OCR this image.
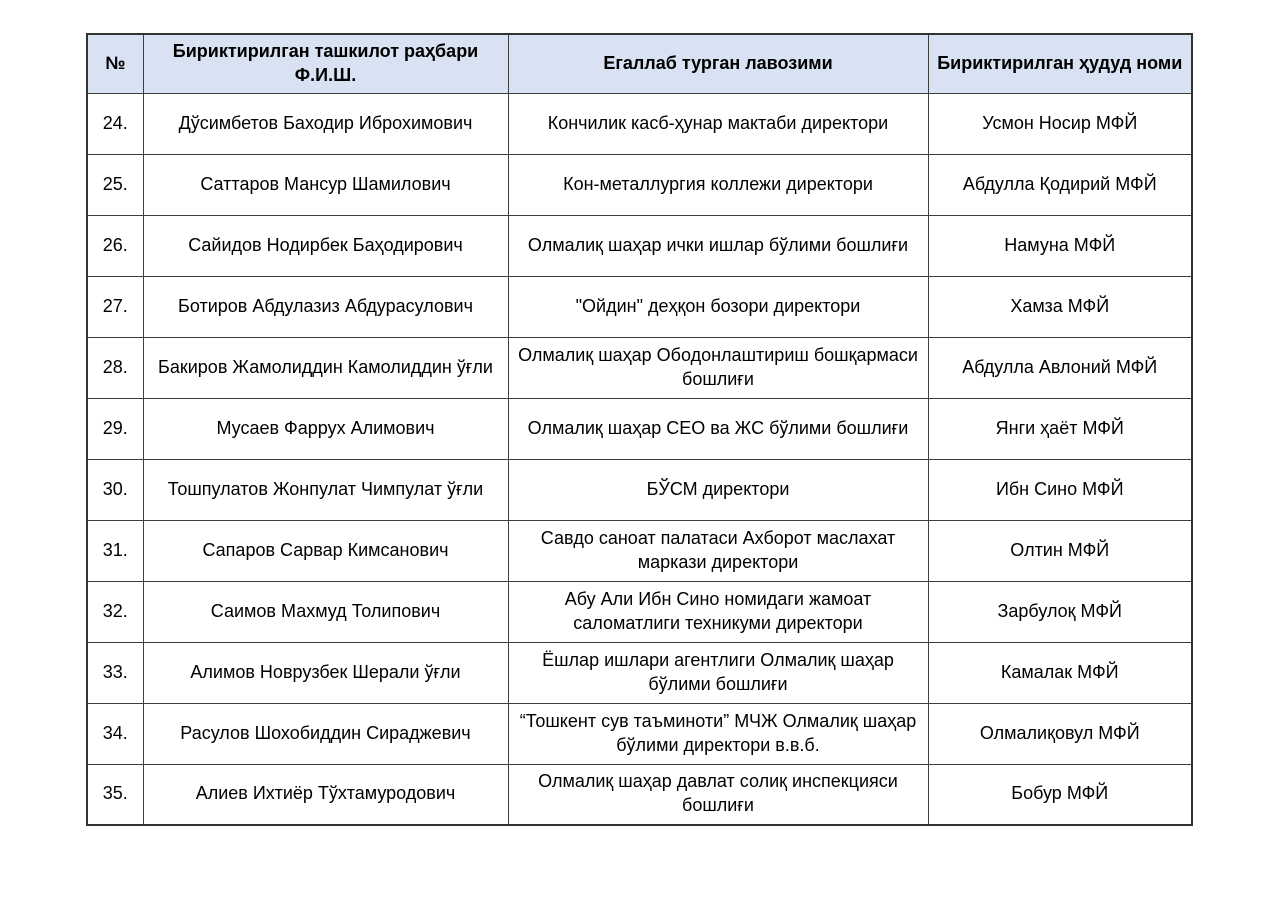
№	Бириктирилган ташкилот раҳбари Ф.И.Ш.	Егаллаб турган лавозими	Бириктирилган ҳудуд номи
24.	Дўсимбетов Баходир Иброхимович	Кончилик касб-ҳунар мактаби директори	Усмон Носир МФЙ
25.	Саттаров Мансур Шамилович	Кон-металлургия коллежи директори	Абдулла Қодирий МФЙ
26.	Сайидов Нодирбек Баҳодирович	Олмалиқ шаҳар ички ишлар бўлими бошлиғи	Намуна МФЙ
27.	Ботиров Абдулазиз Абдурасулович	"Ойдин" деҳқон бозори директори	Хамза МФЙ
28.	Бакиров Жамолиддин Камолиддин ўғли	Олмалиқ шаҳар Ободонлаштириш бошқармаси бошлиғи	Абдулла Авлоний МФЙ
29.	Мусаев Фаррух Алимович	Олмалиқ шаҳар СЕО ва ЖС бўлими бошлиғи	Янги ҳаёт МФЙ
30.	Тошпулатов Жонпулат Чимпулат ўғли	БЎСМ директори	Ибн Сино МФЙ
31.	Сапаров Сарвар Кимсанович	Савдо саноат палатаси Ахборот маслахат маркази директори	Олтин МФЙ
32.	Саимов Махмуд Толипович	Абу Али Ибн Сино номидаги жамоат саломатлиги техникуми директори	Зарбулоқ МФЙ
33.	Алимов Новрузбек Шерали ўғли	Ёшлар ишлари агентлиги Олмалиқ шаҳар бўлими бошлиғи	Камалак МФЙ
34.	Расулов Шохобиддин Сираджевич	“Тошкент сув таъминоти” МЧЖ Олмалиқ шаҳар бўлими директори в.в.б.	Олмалиқовул МФЙ
35.	Алиев Ихтиёр Тўхтамуродович	Олмалиқ шаҳар давлат солиқ инспекцияси бошлиғи	Бобур МФЙ
